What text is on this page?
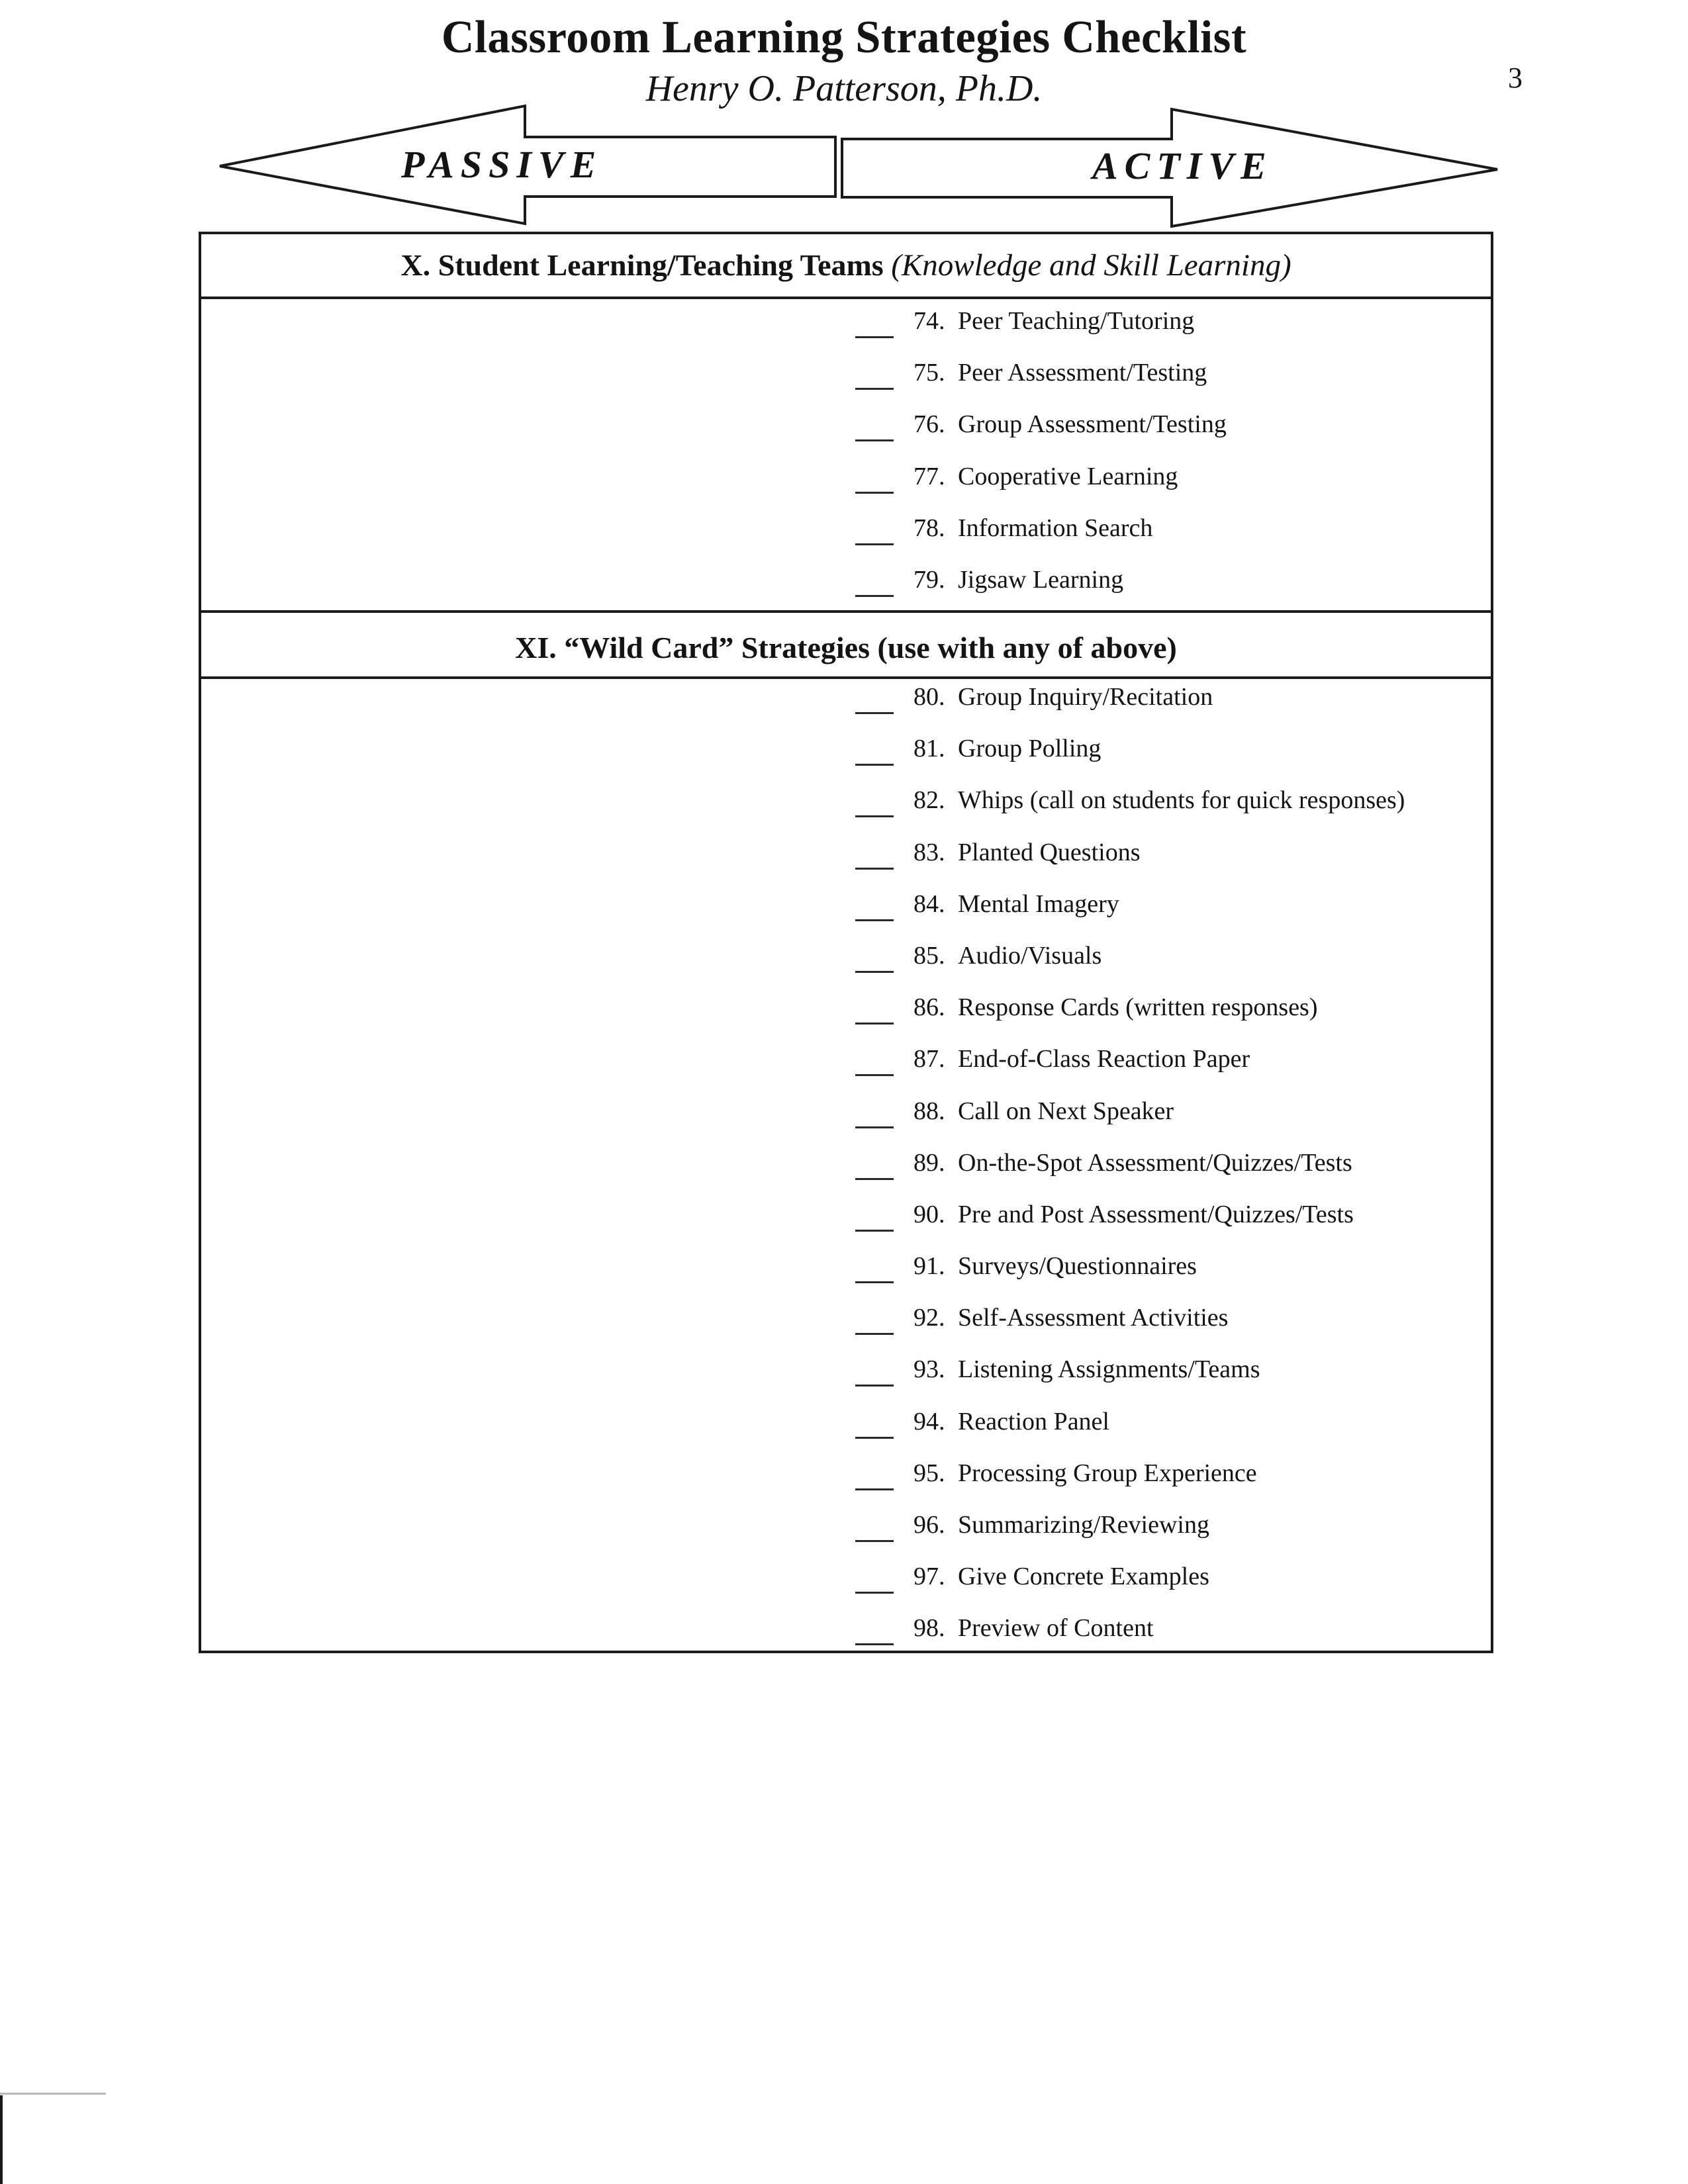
Classroom Learning Strategies Checklist
Henry O. Patterson, Ph.D.	3
PASSIVE	ACTIVE
X. Student Learning/Teaching Teams (Knowledge and Skill Learning)
74. Peer Teaching/Tutoring
75. Peer Assessment/Testing
76. Group Assessment/Testing
77. Cooperative Learning
78. Information Search
79. Jigsaw Learning
XI. “Wild Card” Strategies (use with any of above)
80. Group Inquiry/Recitation
81. Group Polling
82. Whips (call on students for quick responses)
83. Planted Questions
84. Mental Imagery
85. Audio/Visuals
86. Response Cards (written responses)
87. End-of-Class Reaction Paper
88. Call on Next Speaker
89. On-the-Spot Assessment/Quizzes/Tests
90. Pre and Post Assessment/Quizzes/Tests
91. Surveys/Questionnaires
92. Self-Assessment Activities
93. Listening Assignments/Teams
94. Reaction Panel
95. Processing Group Experience
96. Summarizing/Reviewing
97. Give Concrete Examples
98. Preview of Content
